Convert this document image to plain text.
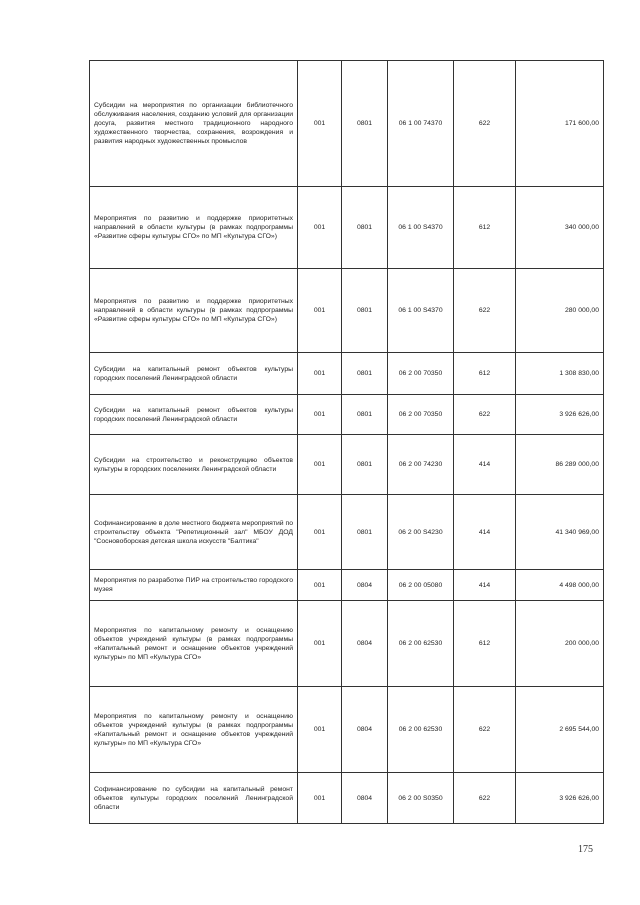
Субсидии на мероприятия по организации библиотечного обслуживания населения, созданию условий для организации досуга, развития местного традиционного народного художественного творчества, сохранения, возрождения и развития народных художественных промыслов	001	0801	06 1 00 74370	622	171 600,00
Мероприятия по развитию и поддержке приоритетных направлений в области культуры (в рамках подпрограммы «Развитие сферы культуры СГО» по МП «Культура СГО»)	001	0801	06 1 00 S4370	612	340 000,00
Мероприятия по развитию и поддержке приоритетных направлений в области культуры (в рамках подпрограммы «Развитие сферы культуры СГО» по МП «Культура СГО»)	001	0801	06 1 00 S4370	622	280 000,00
Субсидии на капитальный ремонт объектов культуры городских поселений Ленинградской области	001	0801	06 2 00 70350	612	1 308 830,00
Субсидии на капитальный ремонт объектов культуры городских поселений Ленинградской области	001	0801	06 2 00 70350	622	3 926 626,00
Субсидии на строительство и реконструкцию объектов культуры в городских поселениях Ленинградской области	001	0801	06 2 00 74230	414	86 289 000,00
Софинансирование в доле местного бюджета мероприятий по строительству объекта "Репетиционный зал" МБОУ ДОД "Сосновоборская детская школа искусств "Балтика"	001	0801	06 2 00 S4230	414	41 340 969,00
Мероприятия по разработке ПИР на строительство городского музея	001	0804	06 2 00 05080	414	4 498 000,00
Мероприятия по капитальному ремонту и оснащению объектов учреждений культуры (в рамках подпрограммы «Капитальный ремонт и оснащение объектов учреждений культуры» по МП «Культура СГО»	001	0804	06 2 00 62530	612	200 000,00
Мероприятия по капитальному ремонту и оснащению объектов учреждений культуры (в рамках подпрограммы «Капитальный ремонт и оснащение объектов учреждений культуры» по МП «Культура СГО»	001	0804	06 2 00 62530	622	2 695 544,00
Софинансирование по субсидии на капитальный ремонт объектов культуры городских поселений Ленинградской области	001	0804	06 2 00 S0350	622	3 926 626,00
175
